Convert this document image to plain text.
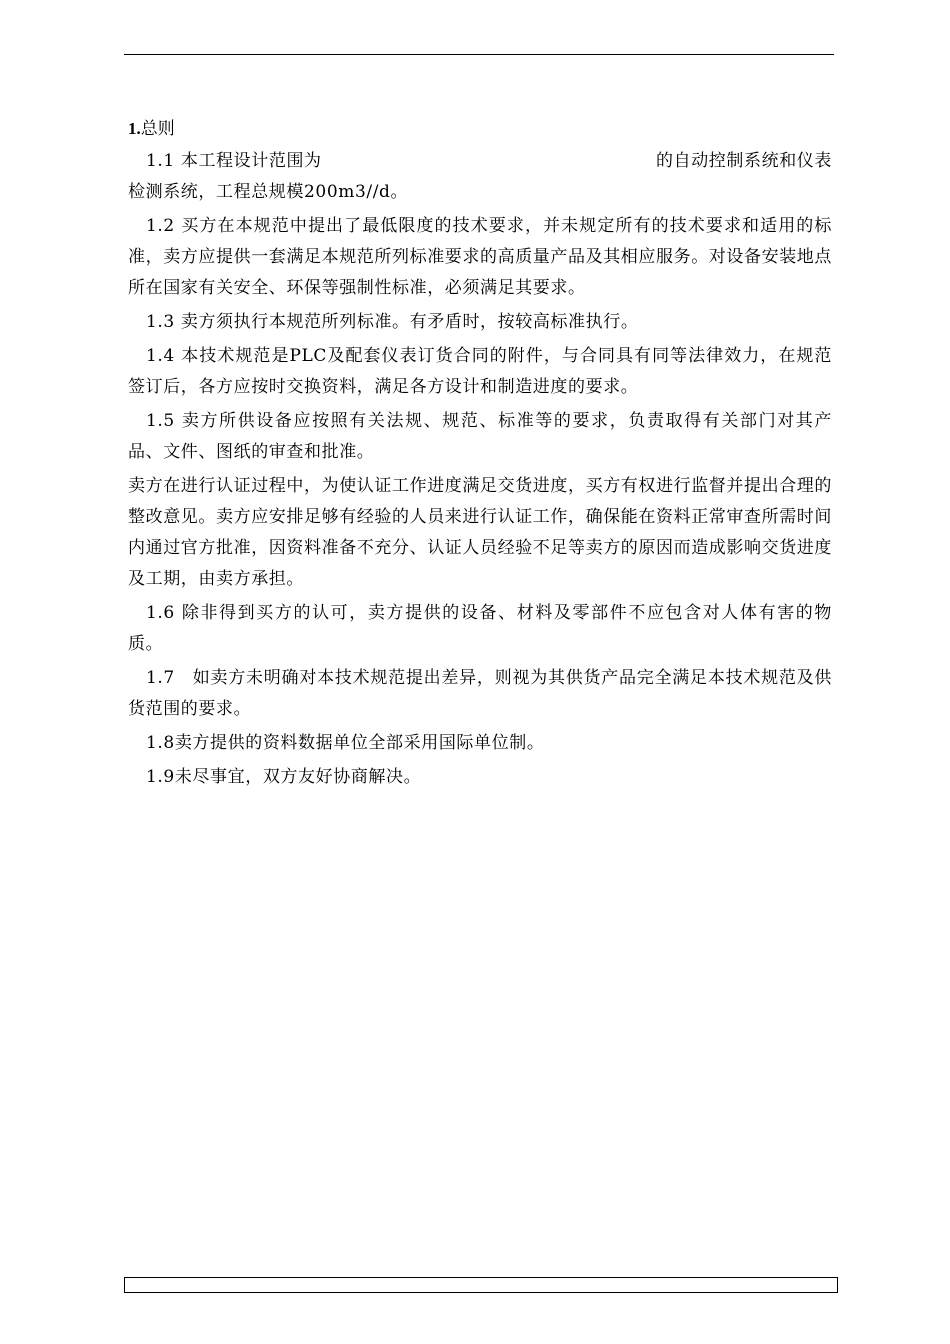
1.总则
1.1 本工程设计范围为	的自动控制系统和仪表

检测系统，工程总规模200m3//d。

1.2 买方在本规范中提出了最低限度的技术要求，并未规定所有的技术要求和适用的标准，卖方应提供一套满足本规范所列标准要求的高质量产品及其相应服务。对设备安装地点所在国家有关安全、环保等强制性标准，必须满足其要求。

1.3 卖方须执行本规范所列标准。有矛盾时，按较高标准执行。

1.4 本技术规范是PLC及配套仪表订货合同的附件，与合同具有同等法律效力，在规范签订后，各方应按时交换资料，满足各方设计和制造进度的要求。

1.5 卖方所供设备应按照有关法规、规范、标准等的要求，负责取得有关部门对其产品、文件、图纸的审查和批准。

卖方在进行认证过程中，为使认证工作进度满足交货进度，买方有权进行监督并提出合理的整改意见。卖方应安排足够有经验的人员来进行认证工作，确保能在资料正常审查所需时间内通过官方批准，因资料准备不充分、认证人员经验不足等卖方的原因而造成影响交货进度及工期，由卖方承担。

1.6 除非得到买方的认可，卖方提供的设备、材料及零部件不应包含对人体有害的物质。

1.7　如卖方未明确对本技术规范提出差异，则视为其供货产品完全满足本技术规范及供货范围的要求。

1.8卖方提供的资料数据单位全部采用国际单位制。

1.9未尽事宜，双方友好协商解决。
